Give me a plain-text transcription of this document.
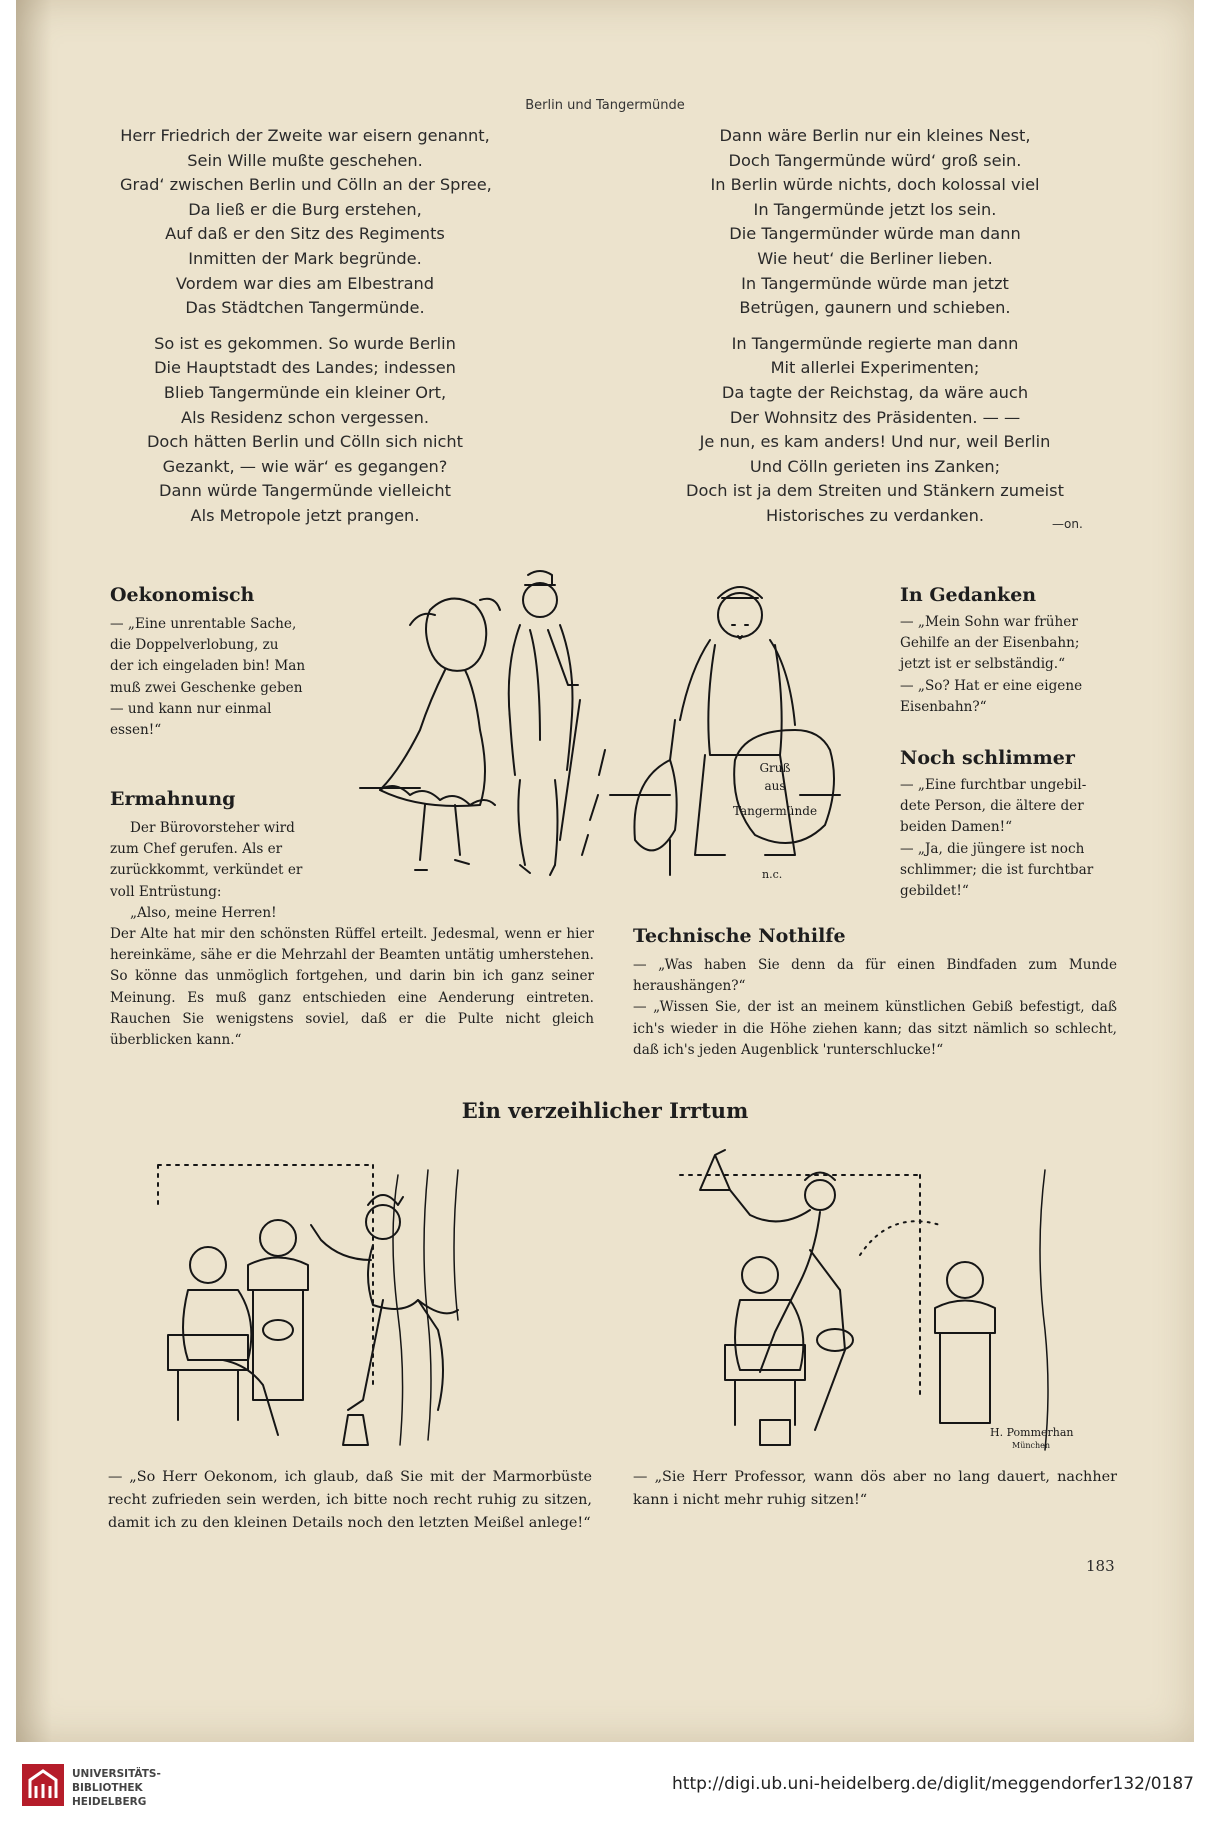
Berlin und Tangermünde
Herr Friedrich der Zweite war eisern genannt,
Sein Wille mußte geschehen.
Grad‘ zwischen Berlin und Cölln an der Spree,
Da ließ er die Burg erstehen,
Auf daß er den Sitz des Regiments
Inmitten der Mark begründe.
Vordem war dies am Elbestrand
Das Städtchen Tangermünde.
So ist es gekommen. So wurde Berlin
Die Hauptstadt des Landes; indessen
Blieb Tangermünde ein kleiner Ort,
Als Residenz schon vergessen.
Doch hätten Berlin und Cölln sich nicht
Gezankt, — wie wär‘ es gegangen?
Dann würde Tangermünde vielleicht
Als Metropole jetzt prangen.
Dann wäre Berlin nur ein kleines Nest,
Doch Tangermünde würd‘ groß sein.
In Berlin würde nichts, doch kolossal viel
In Tangermünde jetzt los sein.
Die Tangermünder würde man dann
Wie heut‘ die Berliner lieben.
In Tangermünde würde man jetzt
Betrügen, gaunern und schieben.
In Tangermünde regierte man dann
Mit allerlei Experimenten;
Da tagte der Reichstag, da wäre auch
Der Wohnsitz des Präsidenten. — —
Je nun, es kam anders! Und nur, weil Berlin
Und Cölln gerieten ins Zanken;
Doch ist ja dem Streiten und Stänkern zumeist
Historisches zu verdanken.	—on.
Oekonomisch

— „Eine unrentable Sache,

die Doppelverlobung, zu

der ich eingeladen bin! Man

muß zwei Geschenke geben

— und kann nur einmal

essen!“

Ermahnung

Der Bürovorsteher wird

zum Chef gerufen. Als er

zurückkommt, verkündet er

voll Entrüstung:

„Also, meine Herren!

Der Alte hat mir den schönsten Rüffel erteilt. Jedesmal, wenn er hier hereinkäme, sähe er die Mehrzahl der Beamten untätig umherstehen. So könne das unmöglich fortgehen, und darin bin ich ganz seiner Meinung. Es muß ganz entschieden eine Aenderung eintreten. Rauchen Sie wenigstens soviel, daß er die Pulte nicht gleich überblicken kann.“
In Gedanken

— „Mein Sohn war früher

Gehilfe an der Eisenbahn;

jetzt ist er selbständig.“

— „So? Hat er eine eigene

Eisenbahn?“

Noch schlimmer

— „Eine furchtbar ungebil-

dete Person, die ältere der

beiden Damen!“

— „Ja, die jüngere ist noch

schlimmer; die ist furchtbar

gebildet!“

Technische Nothilfe

— „Was haben Sie denn da für einen Bindfaden zum Munde heraushängen?“

— „Wissen Sie, der ist an meinem künstlichen Gebiß befestigt, daß ich's wieder in die Höhe ziehen kann; das sitzt nämlich so schlecht, daß ich's jeden Augenblick 'runterschlucke!“

Gruß
aus
Tangermünde
n.c.
Ein verzeihlicher Irrtum
H. Pommerhan
München
— „So Herr Oekonom, ich glaub, daß Sie mit der Marmorbüste recht zufrieden sein werden, ich bitte noch recht ruhig zu sitzen, damit ich zu den kleinen Details noch den letzten Meißel anlege!“
— „Sie Herr Professor, wann dös aber no lang dauert, nachher kann i nicht mehr ruhig sitzen!“
183
UNIVERSITÄTS-
BIBLIOTHEK
HEIDELBERG
http://digi.ub.uni-heidelberg.de/diglit/meggendorfer132/0187
